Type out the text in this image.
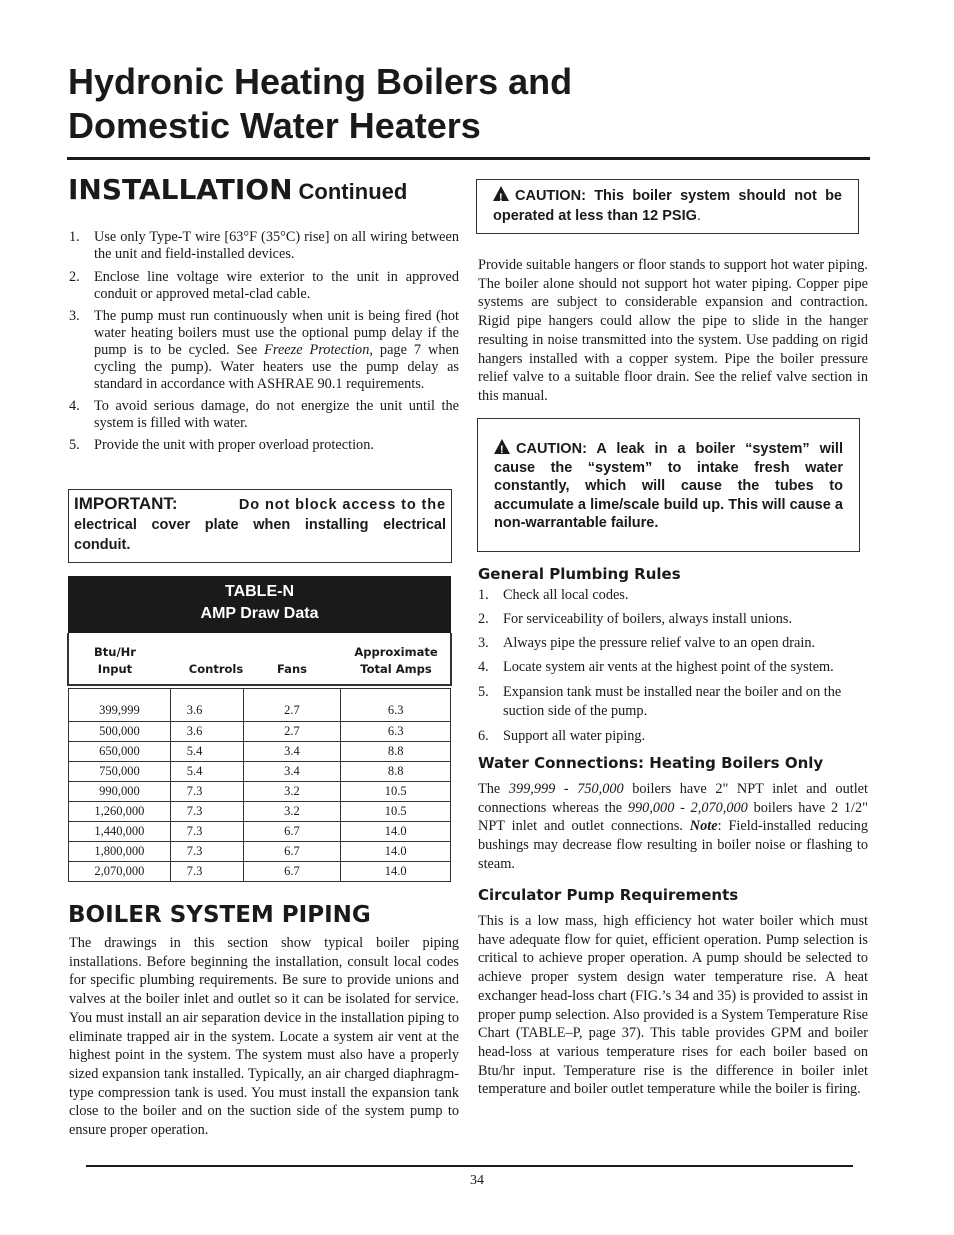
Hydronic Heating Boilers and
Domestic Water Heaters
INSTALLATION Continued
1. Use only Type-T wire [63°F (35°C) rise] on all wiring between the unit and field-installed devices.
2. Enclose line voltage wire exterior to the unit in approved conduit or approved metal-clad cable.
3. The pump must run continuously when unit is being fired (hot water heating boilers must use the optional pump delay if the pump is to be cycled. See Freeze Protection, page 7 when cycling the pump). Water heaters use the pump delay as standard in accordance with ASHRAE 90.1 requirements.
4. To avoid serious damage, do not energize the unit until the system is filled with water.
5. Provide the unit with proper overload protection.
IMPORTANT:	Do not block access to the
electrical cover plate when installing electrical conduit.
TABLE-N
AMP Draw Data
Btu/Hr
Input
	Controls
	Fans
Approximate
Total Amps
399,999	3.6	2.7	6.3
500,000	3.6	2.7	6.3
650,000	5.4	3.4	8.8
750,000	5.4	3.4	8.8
990,000	7.3	3.2	10.5
1,260,000	7.3	3.2	10.5
1,440,000	7.3	6.7	14.0
1,800,000	7.3	6.7	14.0
2,070,000	7.3	6.7	14.0
BOILER SYSTEM PIPING
The drawings in this section show typical boiler piping installations. Before beginning the installation, consult local codes for specific plumbing requirements. Be sure to provide unions and valves at the boiler inlet and outlet so it can be isolated for service. You must install an air separation device in the installation piping to eliminate trapped air in the system. Locate a system air vent at the highest point in the system. The system must also have a properly sized expansion tank installed. Typically, an air charged diaphragm-type compression tank is used. You must install the expansion tank close to the boiler and on the suction side of the system pump to ensure proper operation.
!CAUTION: This boiler system should not be operated at less than 12 PSIG.
Provide suitable hangers or floor stands to support hot water piping. The boiler alone should not support hot water piping. Copper pipe systems are subject to considerable expansion and contraction. Rigid pipe hangers could allow the pipe to slide in the hanger resulting in noise transmitted into the system. Use padding on rigid hangers installed with a copper system. Pipe the boiler pressure relief valve to a suitable floor drain. See the relief valve section in this manual.
!CAUTION: A leak in a boiler “system” will cause the “system” to intake fresh water constantly, which will cause the tubes to accumulate a lime/scale build up. This will cause a non-warrantable failure.
General Plumbing Rules
1. Check all local codes.
2. For serviceability of boilers, always install unions.
3. Always pipe the pressure relief valve to an open drain.
4. Locate system air vents at the highest point of the system.
5. Expansion tank must be installed near the boiler and on the suction side of the pump.
6. Support all water piping.
Water Connections: Heating Boilers Only
The 399,999 - 750,000 boilers have 2" NPT inlet and outlet connections whereas the 990,000 - 2,070,000 boilers have 2 1/2" NPT inlet and outlet connections. Note: Field-installed reducing bushings may decrease flow resulting in boiler noise or flashing to steam.
Circulator Pump Requirements
This is a low mass, high efficiency hot water boiler which must have adequate flow for quiet, efficient operation. Pump selection is critical to achieve proper operation. A pump should be selected to achieve proper system design water temperature rise. A heat exchanger head-loss chart (FIG.’s 34 and 35) is provided to assist in proper pump selection. Also provided is a System Temperature Rise Chart (TABLE–P, page 37). This table provides GPM and boiler head-loss at various temperature rises for each boiler based on Btu/hr input. Temperature rise is the difference in boiler inlet temperature and boiler outlet temperature while the boiler is firing.
34
